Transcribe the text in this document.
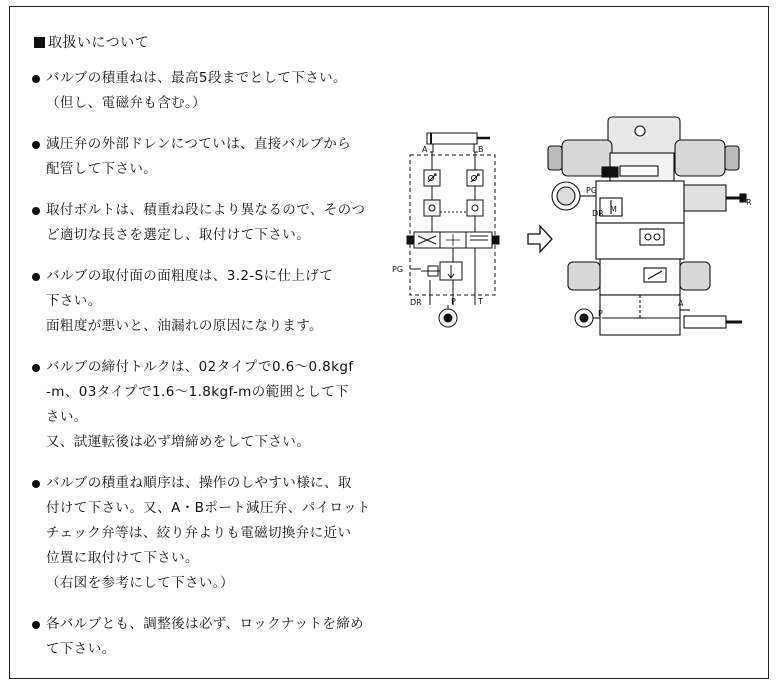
取扱いについて
バルブの積重ねは、最高5段までとして下さい。
（但し、電磁弁も含む。）
減圧弁の外部ドレンにつていは、直接バルブから
配管して下さい。
取付ボルトは、積重ね段により異なるので、そのつ
ど適切な長さを選定し、取付けて下さい。
バルブの取付面の面粗度は、3.2-Sに仕上げて
下さい。
面粗度が悪いと、油漏れの原因になります。
バルブの締付トルクは、02タイプで0.6〜0.8kgf
-m、03タイプで1.6〜1.8kgf-mの範囲として下
さい。
又、試運転後は必ず増締めをして下さい。
バルブの積重ね順序は、操作のしやすい様に、取
付けて下さい。又、A・Bポート減圧弁、パイロット
チェック弁等は、絞り弁よりも電磁切換弁に近い
位置に取付けて下さい。
（右図を参考にして下さい。）
各バルブとも、調整後は必ず、ロックナットを締め
て下さい。
A	B
PG
DR	P	T
PG
M
DR
A
P
R
